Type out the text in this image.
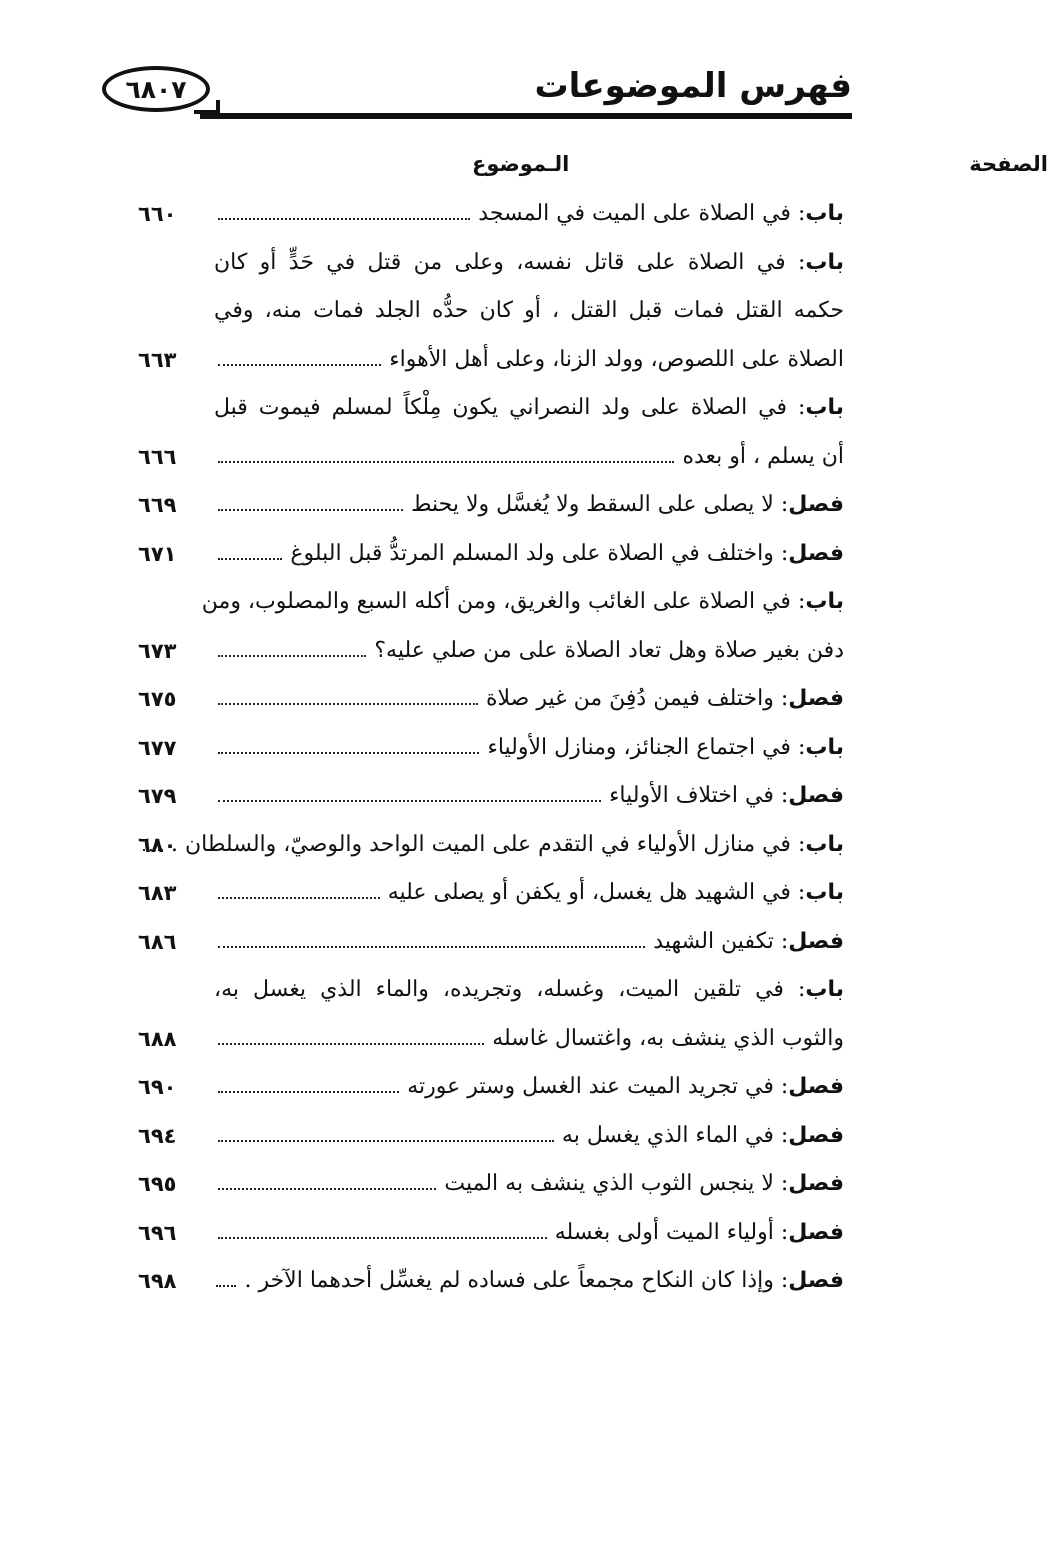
فهرس الموضوعات
٦٨٠٧
الـموضوع	الصفحة
٦٦٠	باب: في الصلاة على الميت في المسجد
باب: في الصلاة على قاتل نفسه، وعلى من قتل في حَدٍّ أو كان
حكمه القتل فمات قبل القتل ، أو كان حدُّه الجلد فمات منه، وفي
٦٦٣	الصلاة على اللصوص، وولد الزنا، وعلى أهل الأهواء
باب: في الصلاة على ولد النصراني يكون مِلْكاً لمسلم فيموت قبل
٦٦٦	أن يسلم ، أو بعده
٦٦٩	فصل: لا يصلى على السقط ولا يُغسَّل ولا يحنط
٦٧١	فصل: واختلف في الصلاة على ولد المسلم المرتدُّ قبل البلوغ
باب: في الصلاة على الغائب والغريق، ومن أكله السبع والمصلوب، ومن
٦٧٣	دفن بغير صلاة وهل تعاد الصلاة على من صلي عليه؟
٦٧٥	فصل: واختلف فيمن دُفِنَ من غير صلاة
٦٧٧	باب: في اجتماع الجنائز، ومنازل الأولياء
٦٧٩	فصل: في اختلاف الأولياء
٦٨٠	باب: في منازل الأولياء في التقدم على الميت الواحد والوصيّ، والسلطان .
٦٨٣	باب: في الشهيد هل يغسل، أو يكفن أو يصلى عليه
٦٨٦	فصل: تكفين الشهيد
باب: في تلقين الميت، وغسله، وتجريده، والماء الذي يغسل به،
٦٨٨	والثوب الذي ينشف به، واغتسال غاسله
٦٩٠	فصل: في تجريد الميت عند الغسل وستر عورته
٦٩٤	فصل: في الماء الذي يغسل به
٦٩٥	فصل: لا ينجس الثوب الذي ينشف به الميت
٦٩٦	فصل: أولياء الميت أولى بغسله
٦٩٨	فصل: وإذا كان النكاح مجمعاً على فساده لم يغسِّل أحدهما الآخر .
